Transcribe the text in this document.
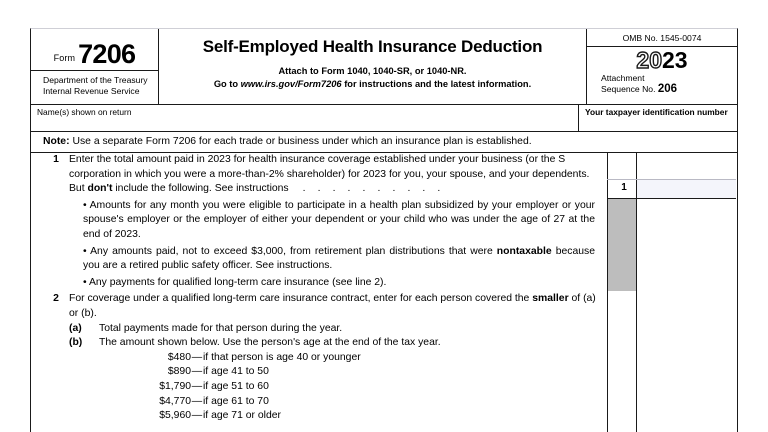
Form 7206
Department of the Treasury
Internal Revenue Service
Self-Employed Health Insurance Deduction
Attach to Form 1040, 1040-SR, or 1040-NR.
Go to www.irs.gov/Form7206 for instructions and the latest information.
OMB No. 1545-0074
2023
Attachment
Sequence No. 206
Name(s) shown on return	Your taxpayer identification number
Note: Use a separate Form 7206 for each trade or business under which an insurance plan is established.
1
1 Enter the total amount paid in 2023 for health insurance coverage established under your business (or the S corporation in which you were a more-than-2% shareholder) for 2023 for you, your spouse, and your dependents. But don't include the following. See instructions . . . . . . . . . .
• Amounts for any month you were eligible to participate in a health plan subsidized by your employer or your spouse's employer or the employer of either your dependent or your child who was under the age of 27 at the end of 2023.
• Any amounts paid, not to exceed $3,000, from retirement plan distributions that were nontaxable because you are a retired public safety officer. See instructions.
• Any payments for qualified long-term care insurance (see line 2).
2 For coverage under a qualified long-term care insurance contract, enter for each person covered the smaller of (a) or (b).
(a)	Total payments made for that person during the year.
(b)	The amount shown below. Use the person's age at the end of the tax year.
$480 — if that person is age 40 or younger
$890 — if age 41 to 50
$1,790 — if age 51 to 60
$4,770 — if age 61 to 70
$5,960 — if age 71 or older
